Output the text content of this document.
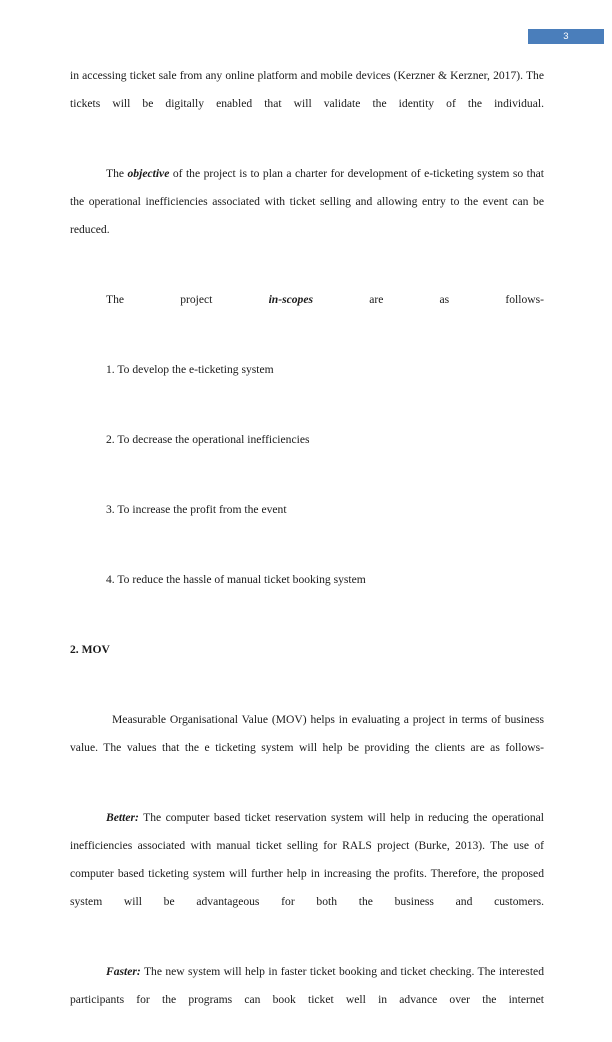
3

in accessing ticket sale from any online platform and mobile devices (Kerzner & Kerzner, 2017). The tickets will be digitally enabled that will validate the identity of the individual.

The objective of the project is to plan a charter for development of e-ticketing system so that the operational inefficiencies associated with ticket selling and allowing entry to the event can be reduced.

The project in-scopes are as follows-

1. To develop the e-ticketing system

2. To decrease the operational inefficiencies

3. To increase the profit from the event

4. To reduce the hassle of manual ticket booking system

2. MOV

Measurable Organisational Value (MOV) helps in evaluating a project in terms of business value. The values that the e ticketing system will help be providing the clients are as follows-

Better: The computer based ticket reservation system will help in reducing the operational inefficiencies associated with manual ticket selling for RALS project (Burke, 2013). The use of computer based ticketing system will further help in increasing the profits. Therefore, the proposed system will be advantageous for both the business and customers.

Faster: The new system will help in faster ticket booking and ticket checking. The interested participants for the programs can book ticket well in advance over the internet
